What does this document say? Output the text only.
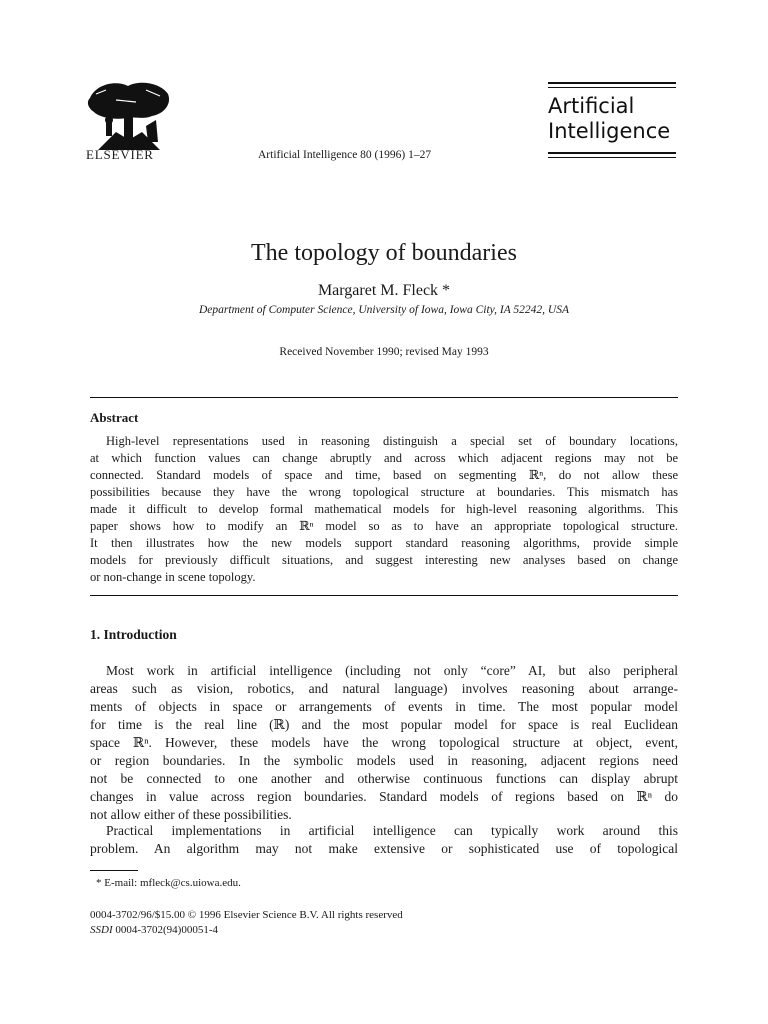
ELSEVIER	Artificial Intelligence 80 (1996) 1–27
Artificial
Intelligence
The topology of boundaries
Margaret M. Fleck *
Department of Computer Science, University of Iowa, Iowa City, IA 52242, USA
Received November 1990; revised May 1993
Abstract
High-level representations used in reasoning distinguish a special set of boundary locations,
at which function values can change abruptly and across which adjacent regions may not be
connected. Standard models of space and time, based on segmenting ℝⁿ, do not allow these
possibilities because they have the wrong topological structure at boundaries. This mismatch has
made it difficult to develop formal mathematical models for high-level reasoning algorithms. This
paper shows how to modify an ℝⁿ model so as to have an appropriate topological structure.
It then illustrates how the new models support standard reasoning algorithms, provide simple
models for previously difficult situations, and suggest interesting new analyses based on change
or non-change in scene topology.
1. Introduction
Most work in artificial intelligence (including not only “core” AI, but also peripheral
areas such as vision, robotics, and natural language) involves reasoning about arrange-
ments of objects in space or arrangements of events in time. The most popular model
for time is the real line (ℝ) and the most popular model for space is real Euclidean
space ℝⁿ. However, these models have the wrong topological structure at object, event,
or region boundaries. In the symbolic models used in reasoning, adjacent regions need
not be connected to one another and otherwise continuous functions can display abrupt
changes in value across region boundaries. Standard models of regions based on ℝⁿ do
not allow either of these possibilities.
Practical implementations in artificial intelligence can typically work around this
problem. An algorithm may not make extensive or sophisticated use of topological
* E-mail: mfleck@cs.uiowa.edu.
0004-3702/96/$15.00 © 1996 Elsevier Science B.V. All rights reserved
SSDI 0004-3702(94)00051-4
